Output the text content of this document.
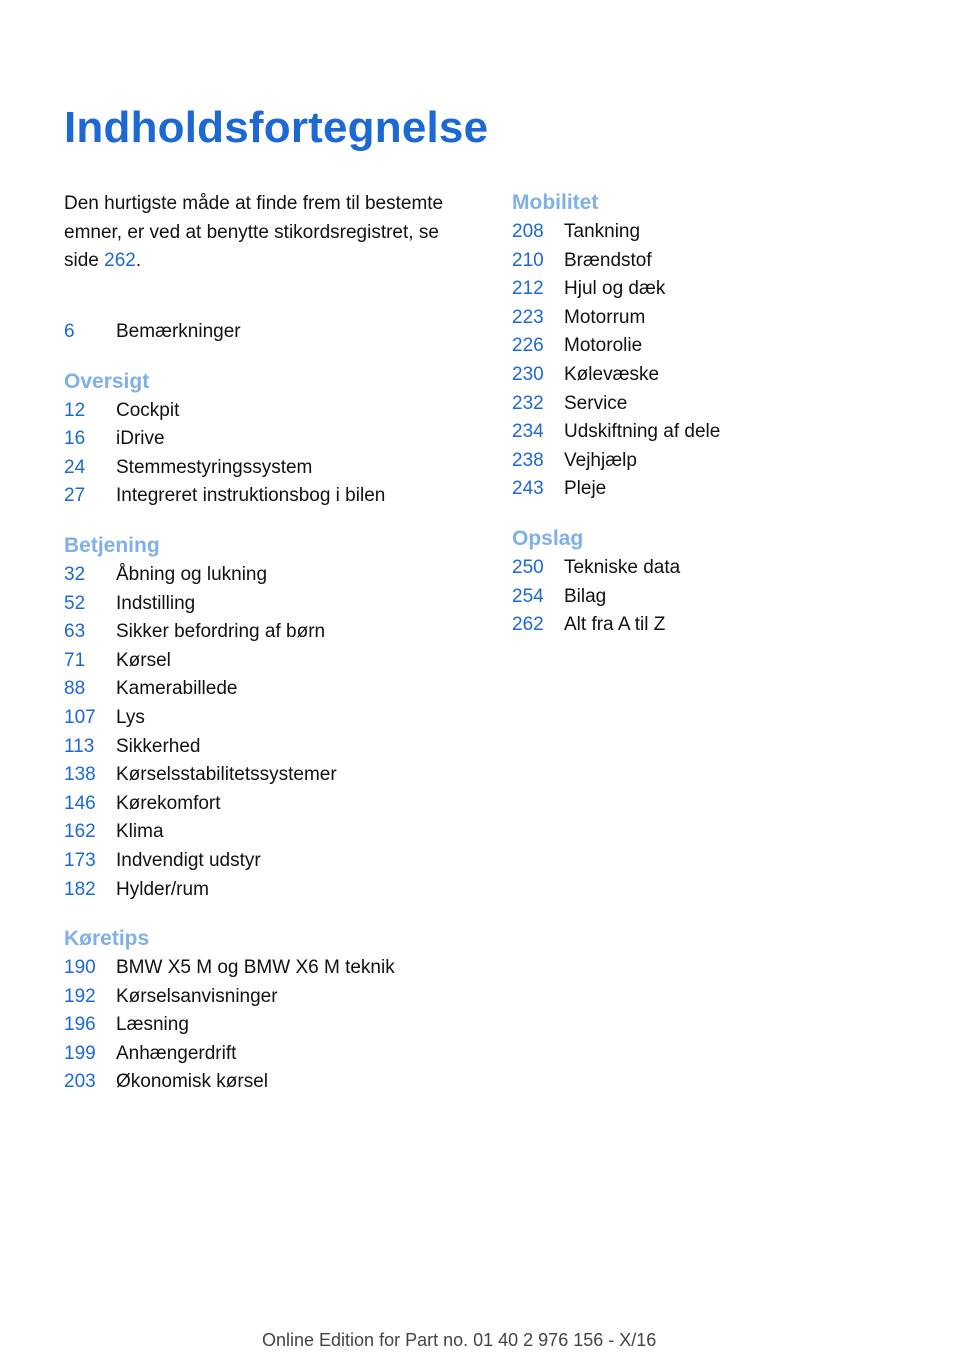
Indholdsfortegnelse

Den hurtigste måde at finde frem til bestemte
emner, er ved at benytte stikordsregistret, se
side 262.

6	Bemærkninger
Oversigt
12	Cockpit
16	iDrive
24	Stemmestyringssystem
27	Integreret instruktionsbog i bilen
Betjening
32	Åbning og lukning
52	Indstilling
63	Sikker befordring af børn
71	Kørsel
88	Kamerabillede
107	Lys
113	Sikkerhed
138	Kørselsstabilitetssystemer
146	Kørekomfort
162	Klima
173	Indvendigt udstyr
182	Hylder/rum
Køretips
190	BMW X5 M og BMW X6 M teknik
192	Kørselsanvisninger
196	Læsning
199	Anhængerdrift
203	Økonomisk kørsel
Mobilitet
208	Tankning
210	Brændstof
212	Hjul og dæk
223	Motorrum
226	Motorolie
230	Kølevæske
232	Service
234	Udskiftning af dele
238	Vejhjælp
243	Pleje
Opslag
250	Tekniske data
254	Bilag
262	Alt fra A til Z
Online Edition for Part no. 01 40 2 976 156 - X/16
